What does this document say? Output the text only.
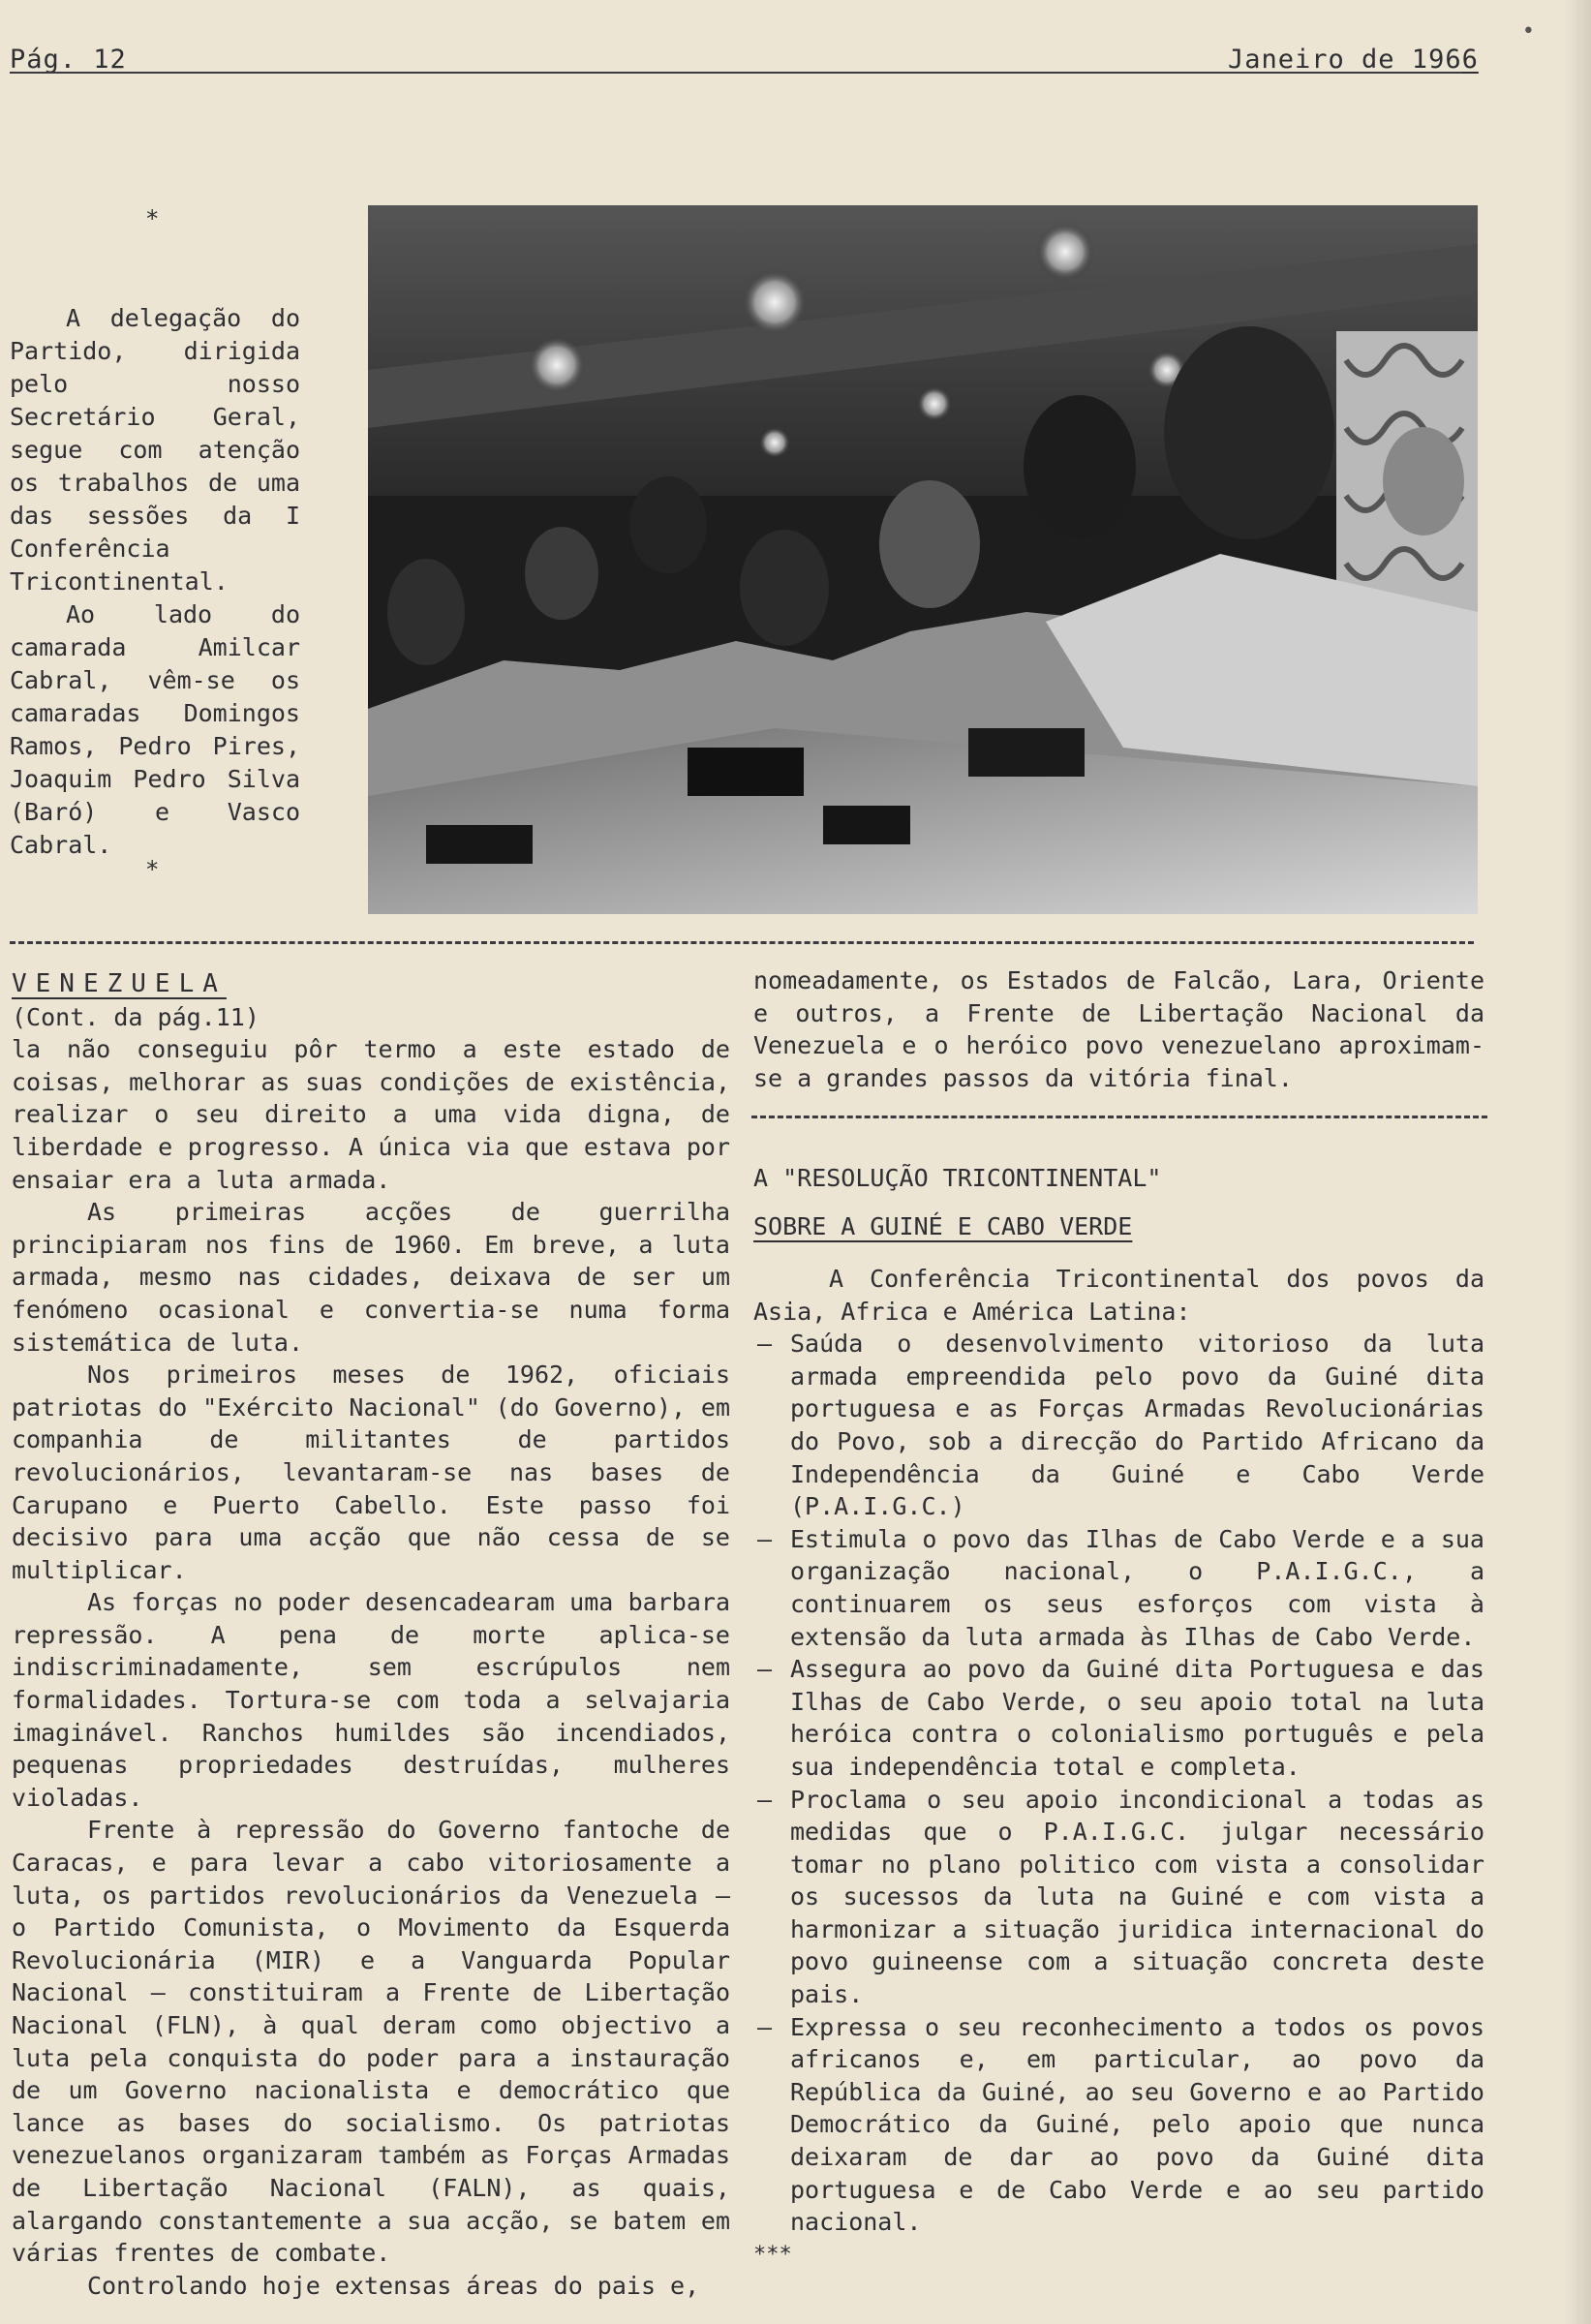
•
Pág. 12	Janeiro de 1966
*

A delegação do Partido, dirigida pelo nosso Secretário Geral, segue com atenção os trabalhos de uma das sessões da I Conferência Tricontinental.

Ao lado do camarada Amilcar Cabral, vêm-se os camaradas Domingos Ramos, Pedro Pires, Joaquim Pedro Silva (Baró) e Vasco Cabral.

*

VENEZUELA

(Cont. da pág.11)

la não conseguiu pôr termo a este estado de coisas, melhorar as suas condições de existência, realizar o seu direito a uma vida digna, de liberdade e progresso. A única via que estava por ensaiar era a luta armada.

As primeiras acções de guerrilha principiaram nos fins de 1960. Em breve, a luta armada, mesmo nas cidades, deixava de ser um fenómeno ocasional e convertia-se numa forma sistemática de luta.

Nos primeiros meses de 1962, oficiais patriotas do "Exército Nacional" (do Governo), em companhia de militantes de partidos revolucionários, levantaram-se nas bases de Carupano e Puerto Cabello. Este passo foi decisivo para uma acção que não cessa de se multiplicar.

As forças no poder desencadearam uma barbara repressão. A pena de morte aplica-se indiscriminadamente, sem escrúpulos nem formalidades. Tortura-se com toda a selvajaria imaginável. Ranchos humildes são incendiados, pequenas propriedades destruídas, mulheres violadas.

Frente à repressão do Governo fantoche de Caracas, e para levar a cabo vitoriosamente a luta, os partidos revolucionários da Venezuela – o Partido Comunista, o Movimento da Esquerda Revolucionária (MIR) e a Vanguarda Popular Nacional – constituiram a Frente de Libertação Nacional (FLN), à qual deram como objectivo a luta pela conquista do poder para a instauração de um Governo nacionalista e democrático que lance as bases do socialismo. Os patriotas venezuelanos organizaram também as Forças Armadas de Libertação Nacional (FALN), as quais, alargando constantemente a sua acção, se batem em várias frentes de combate.

Controlando hoje extensas áreas do pais e,

nomeadamente, os Estados de Falcão, Lara, Oriente e outros, a Frente de Libertação Nacional da Venezuela e o heróico povo venezuelano aproximam-se a grandes passos da vitória final.

A "RESOLUÇÃO TRICONTINENTAL"

SOBRE A GUINÉ E CABO VERDE

A Conferência Tricontinental dos povos da Asia, Africa e América Latina:

– Saúda o desenvolvimento vitorioso da luta armada empreendida pelo povo da Guiné dita portuguesa e as Forças Armadas Revolucionárias do Povo, sob a direcção do Partido Africano da Independência da Guiné e Cabo Verde (P.A.I.G.C.)
– Estimula o povo das Ilhas de Cabo Verde e a sua organização nacional, o P.A.I.G.C., a continuarem os seus esforços com vista à extensão da luta armada às Ilhas de Cabo Verde.
– Assegura ao povo da Guiné dita Portuguesa e das Ilhas de Cabo Verde, o seu apoio total na luta heróica contra o colonialismo português e pela sua independência total e completa.
– Proclama o seu apoio incondicional a todas as medidas que o P.A.I.G.C. julgar necessário tomar no plano politico com vista a consolidar os sucessos da luta na Guiné e com vista a harmonizar a situação juridica internacional do povo guineense com a situação concreta deste pais.
– Expressa o seu reconhecimento a todos os povos africanos e, em particular, ao povo da República da Guiné, ao seu Governo e ao Partido Democrático da Guiné, pelo apoio que nunca deixaram de dar ao povo da Guiné dita portuguesa e de Cabo Verde e ao seu partido nacional.

***
